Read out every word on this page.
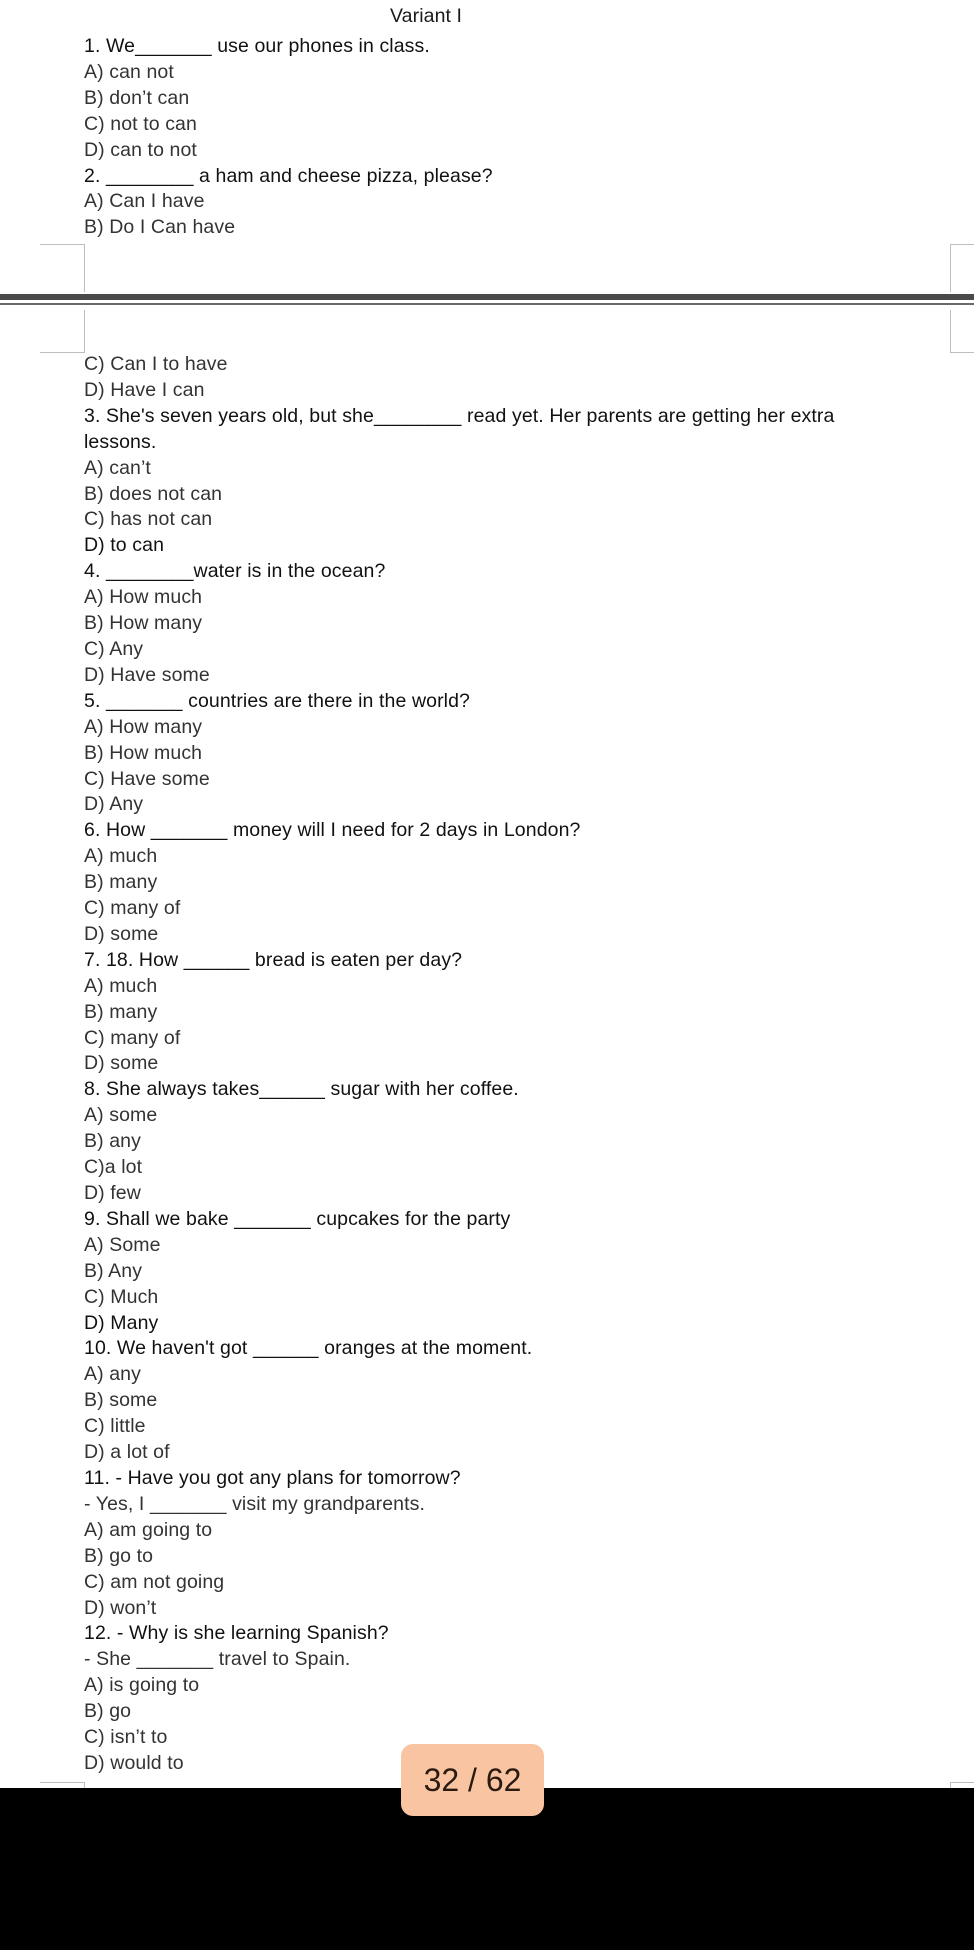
Variant I
1. We_______ use our phones in class.
A) can not
B) don’t can
C) not to can
D) can to not
2. ________ a ham and cheese pizza, please?
A) Can I have
B) Do I Can have
C) Can I to have
D) Have I can
3. She's seven years old, but she________ read yet. Her parents are getting her extra
lessons.
A) can’t
B) does not can
C) has not can
D) to can
4. ________water is in the ocean?
A) How much
B) How many
C) Any
D) Have some
5. _______ countries are there in the world?
A) How many
B) How much
C) Have some
D) Any
6. How _______ money will I need for 2 days in London?
A) much
B) many
C) many of
D) some
7. 18. How ______ bread is eaten per day?
A) much
B) many
C) many of
D) some
8. She always takes______ sugar with her coffee.
A) some
B) any
C)a lot
D) few
9. Shall we bake _______ cupcakes for the party
A) Some
B) Any
C) Much
D) Many
10. We haven't got ______ oranges at the moment.
A) any
B) some
C) little
D) a lot of
11. - Have you got any plans for tomorrow?
- Yes, I _______ visit my grandparents.
A) am going to
B) go to
C) am not going
D) won’t
12. - Why is she learning Spanish?
- She _______ travel to Spain.
A) is going to
B) go
C) isn’t to
D) would to	32 / 62
